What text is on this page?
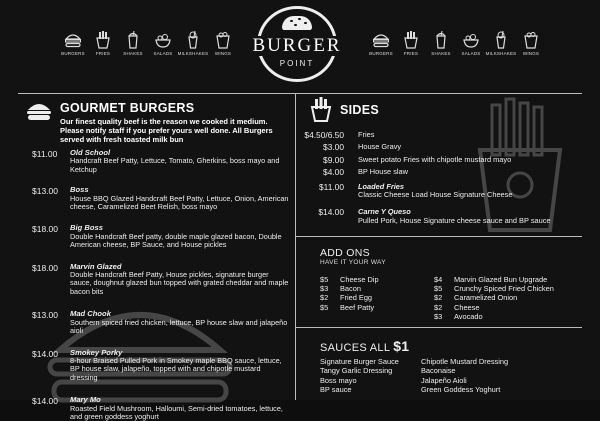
BURGERS FRIES	SHAKES SALADS MILKSHAKES WINGS	BURGERS FRIES	SHAKES SALADS MILKSHAKES WINGS
BURGER
POINT
GOURMET BURGERS
Our finest quality beef is the reason we cooked it medium. Please notify staff if you prefer yours well done. All Burgers served with fresh toasted milk bun
$11.00	Old School
Handcraft Beef Patty, Lettuce, Tomato, Gherkins, boss mayo and Ketchup
$13.00	Boss
House BBQ Glazed Handcraft Beef Patty, Lettuce, Onion, American cheese, Caramelized Beet Relish, boss mayo
$18.00	Big Boss
Double Handcraft Beef patty, double maple glazed bacon, Double American cheese, BP Sauce, and House pickles
$18.00	Marvin Glazed
Double Handcraft Beef Patty, House pickles, signature burger sauce, doughnut glazed bun topped with grated cheddar and maple bacon bits
$13.00	Mad Chook
Southern spiced fried chicken, lettuce, BP house slaw and jalapeño aioli
$14.00	Smokey Porky
8-hour Braised Pulled Pork in Smokey maple BBQ sauce, lettuce, BP house slaw, jalapeño, topped with and chipotle mustard dressing
$14.00	Mary Mo
Roasted Field Mushroom, Halloumi, Semi-dried tomatoes, lettuce, and green goddess yoghurt
SIDES
$4.50/6.50	Fries
$3.00	House Gravy
$9.00	Sweet potato Fries with chipotle mustard mayo
$4.00	BP House slaw
$11.00	Loaded Fries
Classic Cheese Load House Signature Cheese
$14.00	Carne Y Queso
Pulled Pork, House Signature cheese sauce and BP sauce
ADD ONS
HAVE IT YOUR WAY
$5	Cheese Dip
$3	Bacon
$2	Fried Egg
$5	Beef Patty
$4	Marvin Glazed Bun Upgrade
$5	Crunchy Spiced Fried Chicken
$2	Caramelized Onion
$2	Cheese
$3	Avocado
SAUCES ALL $1
Signature Burger Sauce
Tangy Garlic Dressing
Boss mayo
BP sauce
Chipotle Mustard Dressing
Baconaise
Jalapeño Aioli
Green Goddess Yoghurt
